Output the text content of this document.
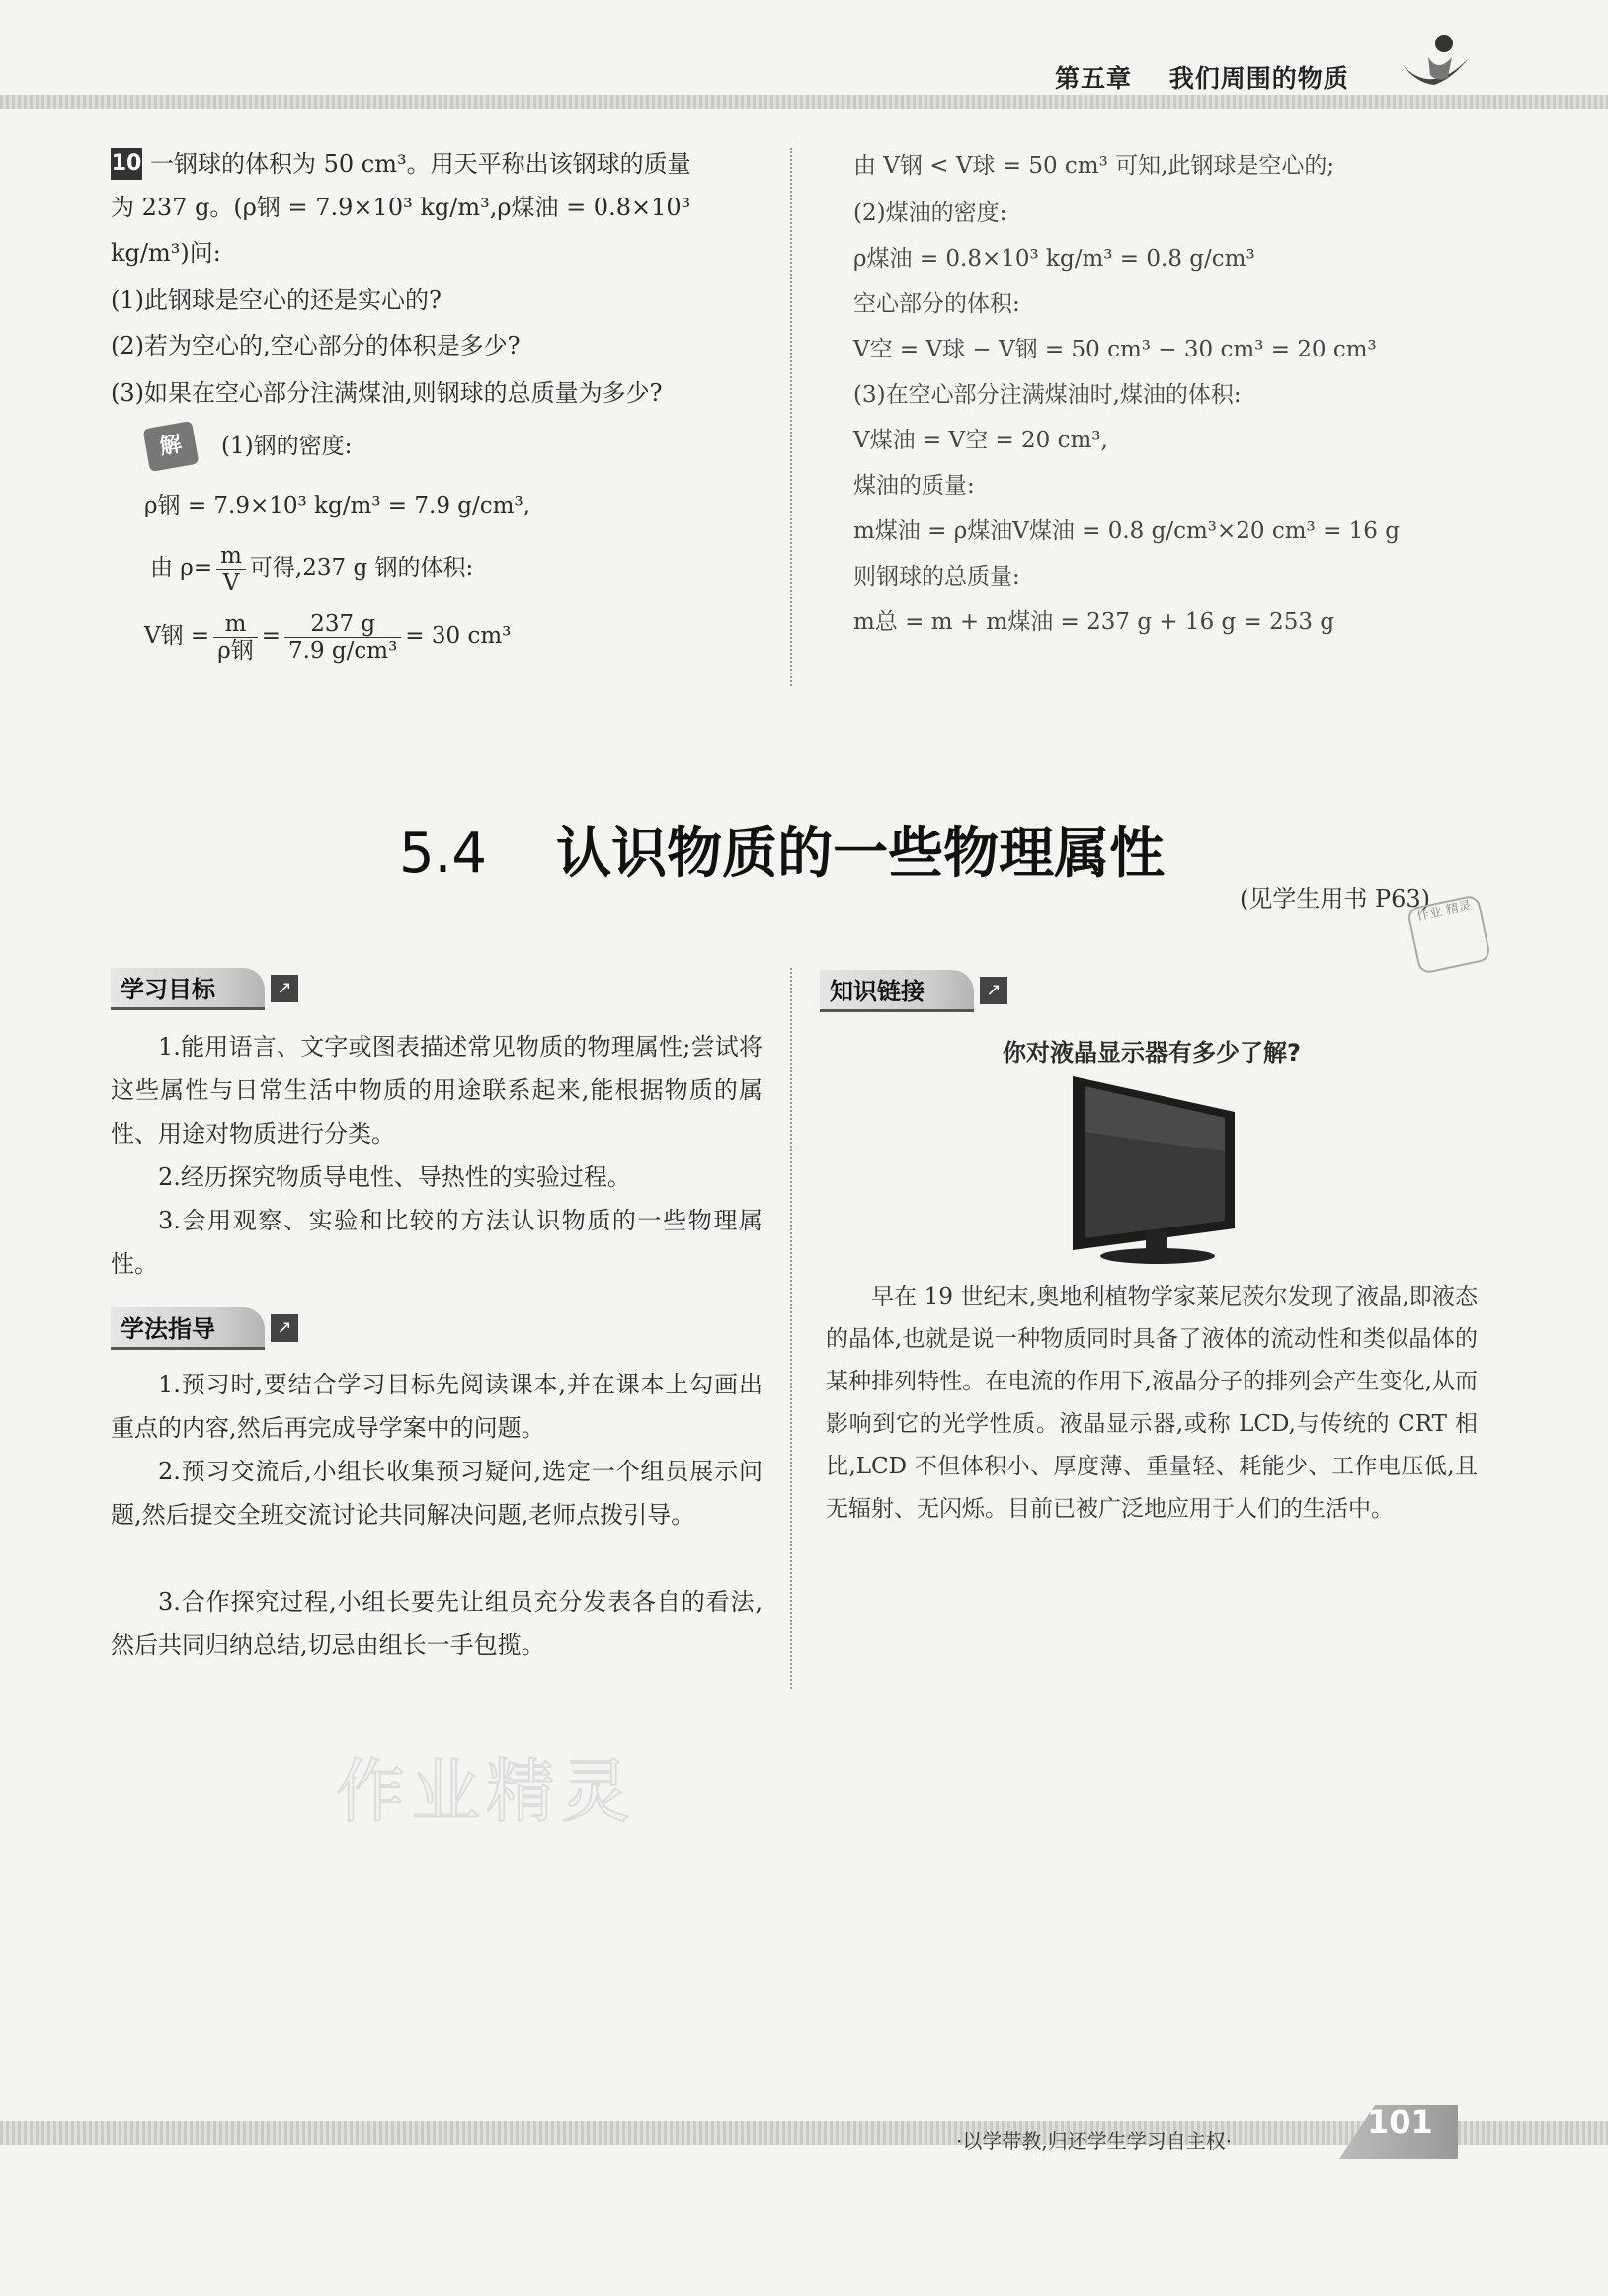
第五章 我们周围的物质
10 一钢球的体积为 50 cm³。用天平称出该钢球的质量
为 237 g。(ρ钢 = 7.9×10³ kg/m³,ρ煤油 = 0.8×10³
kg/m³)问:
(1)此钢球是空心的还是实心的?
(2)若为空心的,空心部分的体积是多少?
(3)如果在空心部分注满煤油,则钢球的总质量为多少?
解	(1)钢的密度:
ρ钢 = 7.9×10³ kg/m³ = 7.9 g/cm³,
由 $\rho= \frac{m}{V}$ 可得,237 g 钢的体积:
V钢 = $\frac{m}{\text{ρ钢}} = \frac{237 g}{\text{7.9 g/cm³}} = 30$ cm³
由 V钢 < V球 = 50 cm³ 可知,此钢球是空心的;
(2)煤油的密度:
ρ煤油 = 0.8×10³ kg/m³ = 0.8 g/cm³
空心部分的体积:
V空 = V球 − V钢 = 50 cm³ − 30 cm³ = 20 cm³
(3)在空心部分注满煤油时,煤油的体积:
V煤油 = V空 = 20 cm³,
煤油的质量:
m煤油 = ρ煤油V煤油 = 0.8 g/cm³×20 cm³ = 16 g
则钢球的总质量:
m总 = m + m煤油 = 237 g + 16 g = 253 g
5.4 认识物质的一些物理属性
(见学生用书 P63)
作业 精灵
学习目标	↗
1.能用语言、文字或图表描述常见物质的物理属性;尝试将这些属性与日常生活中物质的用途联系起来,能根据物质的属性、用途对物质进行分类。
2.经历探究物质导电性、导热性的实验过程。
3.会用观察、实验和比较的方法认识物质的一些物理属性。
学法指导	↗
1.预习时,要结合学习目标先阅读课本,并在课本上勾画出重点的内容,然后再完成导学案中的问题。
2.预习交流后,小组长收集预习疑问,选定一个组员展示问题,然后提交全班交流讨论共同解决问题,老师点拨引导。
3.合作探究过程,小组长要先让组员充分发表各自的看法,然后共同归纳总结,切忌由组长一手包揽。
知识链接	↗
你对液晶显示器有多少了解?
早在 19 世纪末,奥地利植物学家莱尼茨尔发现了液晶,即液态的晶体,也就是说一种物质同时具备了液体的流动性和类似晶体的某种排列特性。在电流的作用下,液晶分子的排列会产生变化,从而影响到它的光学性质。液晶显示器,或称 LCD,与传统的 CRT 相比,LCD 不但体积小、厚度薄、重量轻、耗能少、工作电压低,且无辐射、无闪烁。目前已被广泛地应用于人们的生活中。
作业精灵
·以学带教,归还学生学习自主权·	101
